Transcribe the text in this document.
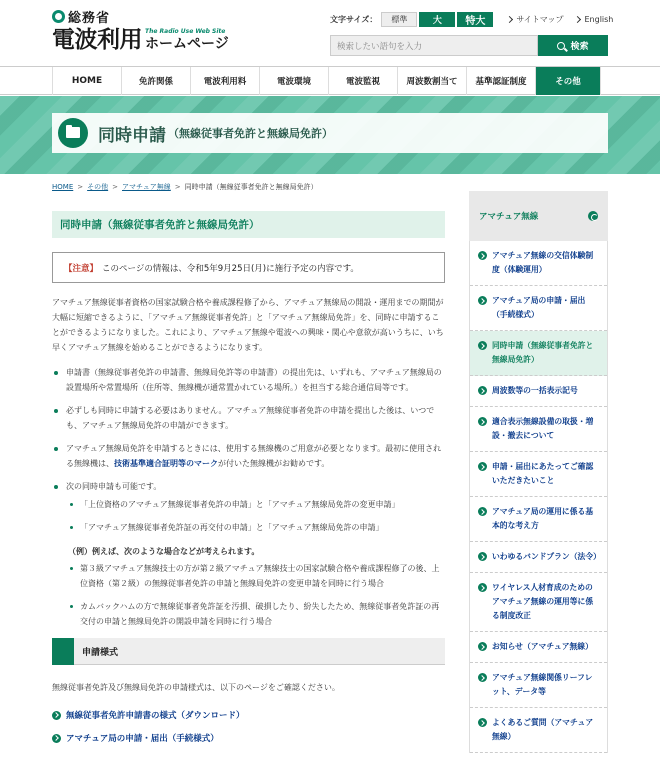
総務省
電波利用 The Radio Use Web Site
ホームページ
文字サイズ：	標準	大	特大	サイトマップ	English
検索したい語句を入力	検索
HOME	免許関係	電波利用料	電波環境	電波監視	周波数割当て	基準認証制度	その他
同時申請 （無線従事者免許と無線局免許）
HOME > その他 > アマチュア無線 > 同時申請（無線従事者免許と無線局免許）
同時申請（無線従事者免許と無線局免許）
【注意】 このページの情報は、令和5年9月25日(月)に施行予定の内容です。

アマチュア無線従事者資格の国家試験合格や養成課程修了から、アマチュア無線局の開設・運用までの期間が大幅に短縮できるように、「アマチュア無線従事者免許」と「アマチュア無線局免許」を、同時に申請することができるようになりました。これにより、アマチュア無線や電波への興味・関心や意欲が高いうちに、いち早くアマチュア無線を始めることができるようになります。

申請書（無線従事者免許の申請書、無線局免許等の申請書）の提出先は、いずれも、アマチュア無線局の設置場所や常置場所（住所等、無線機が通常置かれている場所。）を担当する総合通信局等です。
必ずしも同時に申請する必要はありません。アマチュア無線従事者免許の申請を提出した後は、いつでも、アマチュア無線局免許の申請ができます。
アマチュア無線局免許を申請するときには、使用する無線機のご用意が必要となります。最初に使用される無線機は、技術基準適合証明等のマークが付いた無線機がお勧めです。
次の同時申請も可能です。
「上位資格のアマチュア無線従事者免許の申請」と「アマチュア無線局免許の変更申請」
「アマチュア無線従事者免許証の再交付の申請」と「アマチュア無線局免許の申請」
（例）例えば、次のような場合などが考えられます。
第３級アマチュア無線技士の方が第２級アマチュア無線技士の国家試験合格や養成課程修了の後、上位資格（第２級）の無線従事者免許の申請と無線局免許の変更申請を同時に行う場合
カムバックハムの方で無線従事者免許証を汚損、破損したり、紛失したため、無線従事者免許証の再交付の申請と無線局免許の開設申請を同時に行う場合
申請様式

無線従事者免許及び無線局免許の申請様式は、以下のページをご確認ください。

無線従事者免許申請書の様式（ダウンロード）
アマチュア局の申請・届出（手続様式）
アマチュア無線
アマチュア無線の交信体験制度（体験運用）
アマチュア局の申請・届出（手続様式）
同時申請（無線従事者免許と無線局免許）
周波数等の一括表示記号
適合表示無線設備の取扱・増設・撤去について
申請・届出にあたってご確認いただきたいこと
アマチュア局の運用に係る基本的な考え方
いわゆるバンドプラン（法令）
ワイヤレス人材育成のためのアマチュア無線の運用等に係る制度改正
お知らせ（アマチュア無線）
アマチュア無線関係リーフレット、データ等
よくあるご質問（アマチュア無線）
